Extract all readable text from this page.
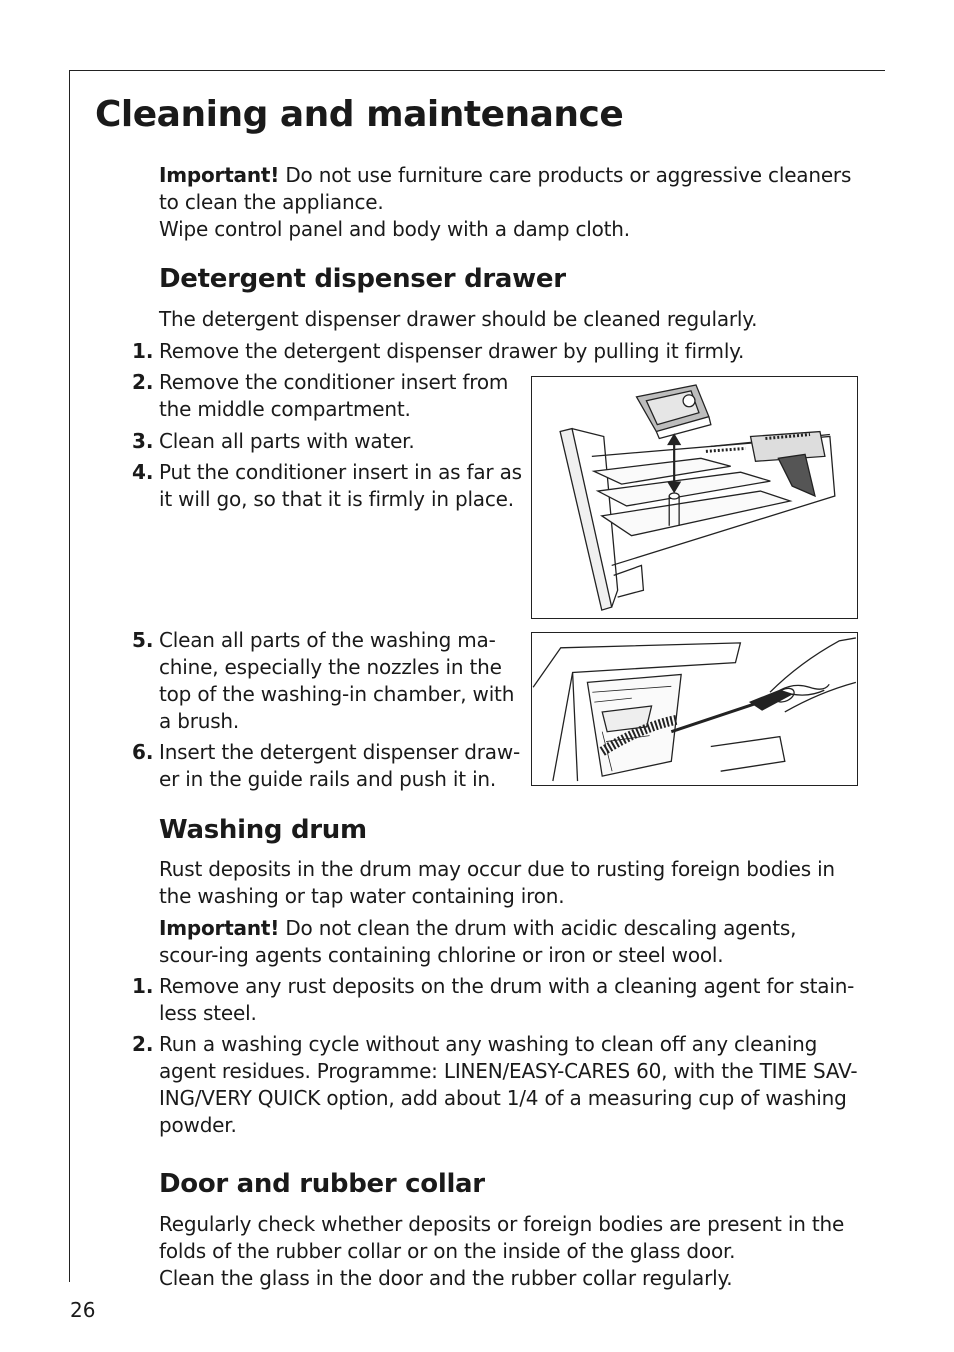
Cleaning and maintenance

Important! Do not use furniture care products or aggressive cleaners to clean the appliance.

Wipe control panel and body with a damp cloth.

Detergent dispenser drawer

The detergent dispenser drawer should be cleaned regularly.

1. Remove the detergent dispenser drawer by pulling it firmly.

2. Remove the conditioner insert from the middle compartment.

3. Clean all parts with water.

4. Put the conditioner insert in as far as it will go, so that it is firmly in place.

5. Clean all parts of the washing ma-chine, especially the nozzles in the top of the washing-in chamber, with a brush.

6. Insert the detergent dispenser draw-er in the guide rails and push it in.

Washing drum

Rust deposits in the drum may occur due to rusting foreign bodies in the washing or tap water containing iron.

Important! Do not clean the drum with acidic descaling agents, scour-ing agents containing chlorine or iron or steel wool.

1. Remove any rust deposits on the drum with a cleaning agent for stain-less steel.

2. Run a washing cycle without any washing to clean off any cleaning agent residues. Programme: LINEN/EASY-CARES 60, with the TIME SAV-ING/VERY QUICK option, add about 1/4 of a measuring cup of washing powder.

Door and rubber collar

Regularly check whether deposits or foreign bodies are present in the folds of the rubber collar or on the inside of the glass door.

Clean the glass in the door and the rubber collar regularly.

26
